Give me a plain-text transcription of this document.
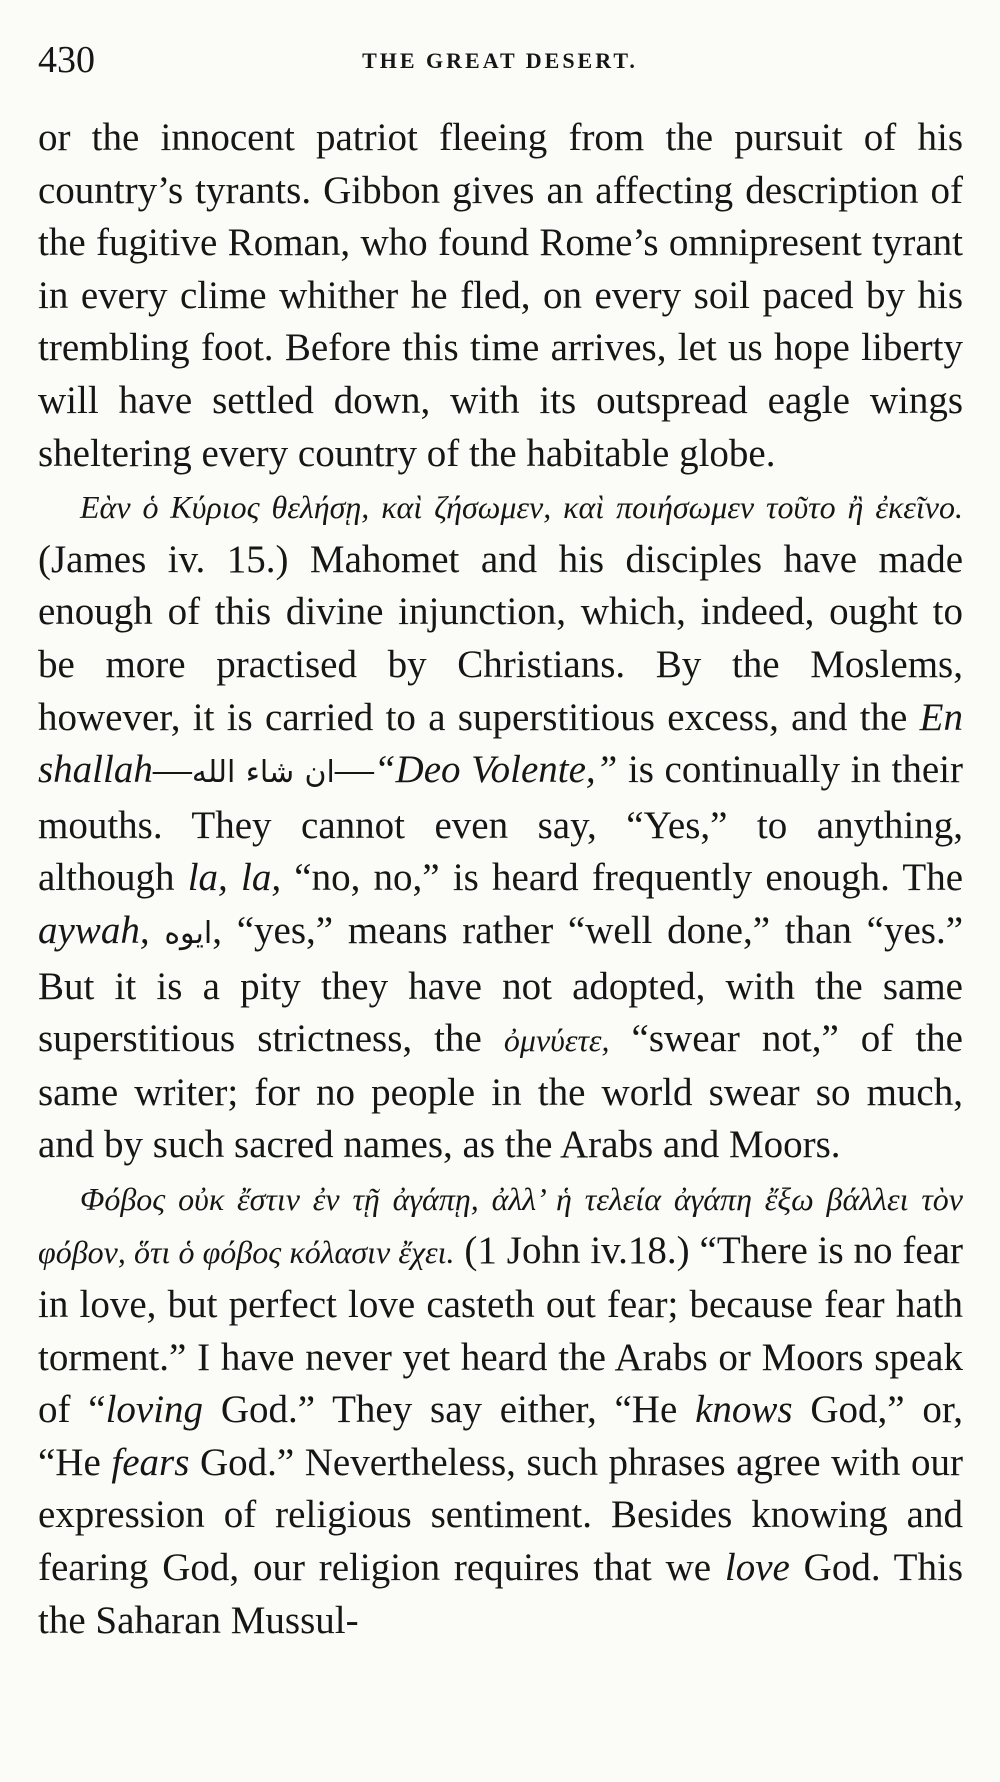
430	THE GREAT DESERT.

or the innocent patriot fleeing from the pursuit of his country’s tyrants. Gibbon gives an affecting description of the fugitive Roman, who found Rome’s omnipresent tyrant in every clime whither he fled, on every soil paced by his trembling foot. Before this time arrives, let us hope liberty will have settled down, with its outspread eagle wings sheltering every country of the habitable globe.

Εὰν ὁ Κύριος θελήσῃ, καὶ ζήσωμεν, καὶ ποιήσωμεν τοῦτο ἢ ἐκεῖνο. (James iv. 15.) Mahomet and his disciples have made enough of this divine injunction, which, indeed, ought to be more practised by Christians. By the Moslems, however, it is carried to a superstitious excess, and the En shallah—ان شاء الله—“Deo Volente,” is continually in their mouths. They cannot even say, “Yes,” to anything, although la, la, “no, no,” is heard frequently enough. The aywah, ايوه, “yes,” means rather “well done,” than “yes.” But it is a pity they have not adopted, with the same superstitious strictness, the ὀμνύετε, “swear not,” of the same writer; for no people in the world swear so much, and by such sacred names, as the Arabs and Moors.

Φόβος οὐκ ἔστιν ἐν τῇ ἀγάπῃ, ἀλλ’ ἡ τελεία ἀγάπη ἔξω βάλλει τὸν φόβον, ὅτι ὁ φόβος κόλασιν ἔχει. (1 John iv.18.) “There is no fear in love, but perfect love casteth out fear; because fear hath torment.” I have never yet heard the Arabs or Moors speak of “loving God.” They say either, “He knows God,” or, “He fears God.” Nevertheless, such phrases agree with our expression of religious sentiment. Besides knowing and fearing God, our religion requires that we love God. This the Saharan Mussul-
